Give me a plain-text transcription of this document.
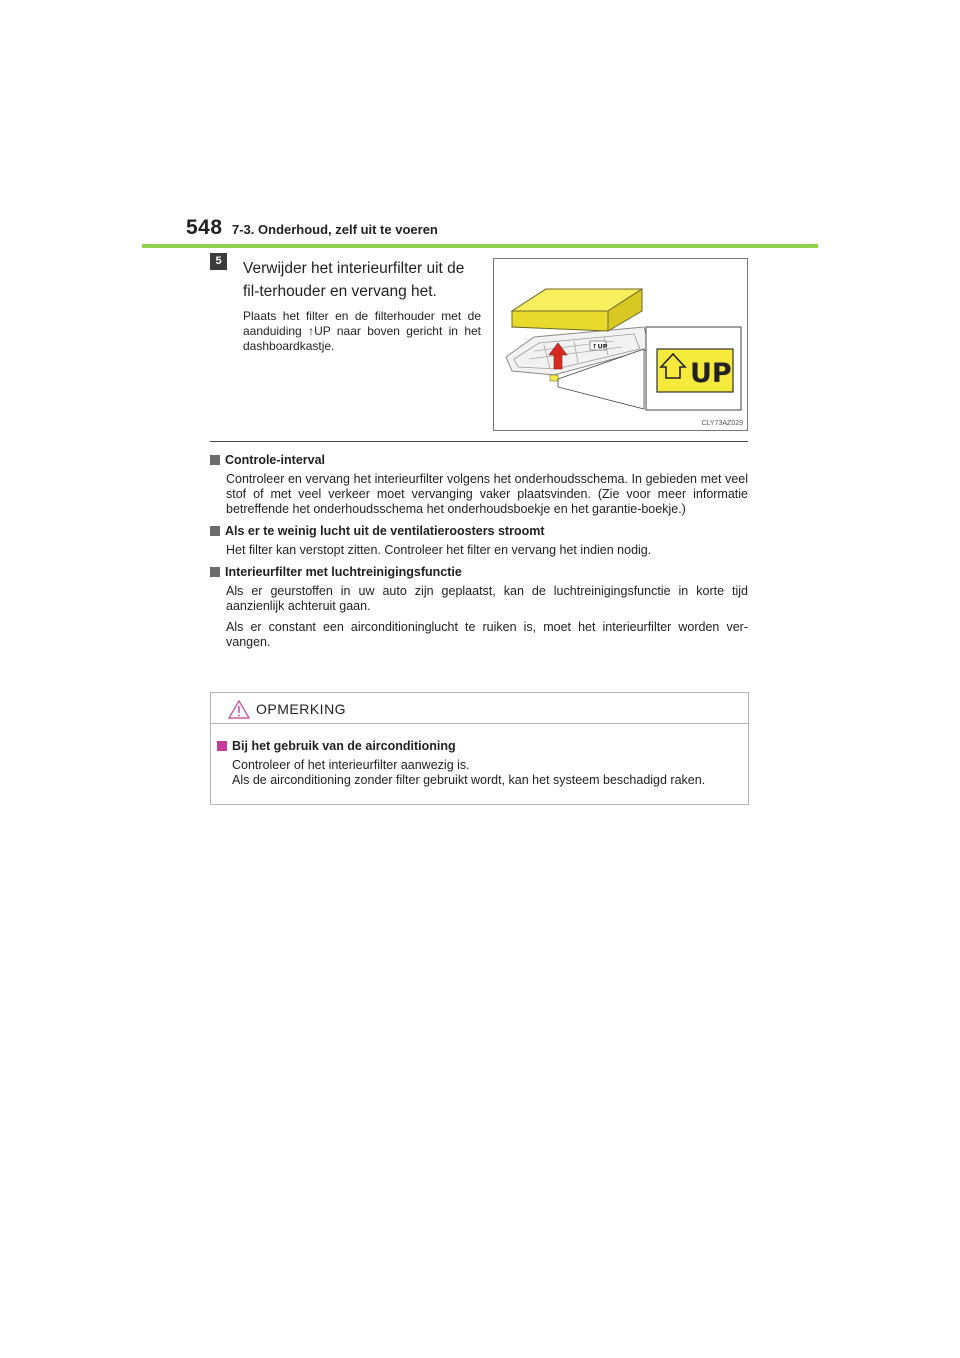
548 7-3. Onderhoud, zelf uit te voeren
5	Verwijder het interieurfilter uit de fil-terhouder en vervang het.
Plaats het filter en de filterhouder met de aanduiding ↑UP naar boven gericht in het dashboardkastje.	↑UP
UP
CLY73AZ029
Controle-interval

Controleer en vervang het interieurfilter volgens het onderhoudsschema. In gebieden met veel stof of met veel verkeer moet vervanging vaker plaatsvinden. (Zie voor meer informatie betreffende het onderhoudsschema het onderhoudsboekje en het garantie-boekje.)

Als er te weinig lucht uit de ventilatieroosters stroomt

Het filter kan verstopt zitten. Controleer het filter en vervang het indien nodig.

Interieurfilter met luchtreinigingsfunctie

Als er geurstoffen in uw auto zijn geplaatst, kan de luchtreinigingsfunctie in korte tijd aanzienlijk achteruit gaan.

Als er constant een airconditioninglucht te ruiken is, moet het interieurfilter worden ver-vangen.

OPMERKING
Bij het gebruik van de airconditioning
Controleer of het interieurfilter aanwezig is.
Als de airconditioning zonder filter gebruikt wordt, kan het systeem beschadigd raken.
